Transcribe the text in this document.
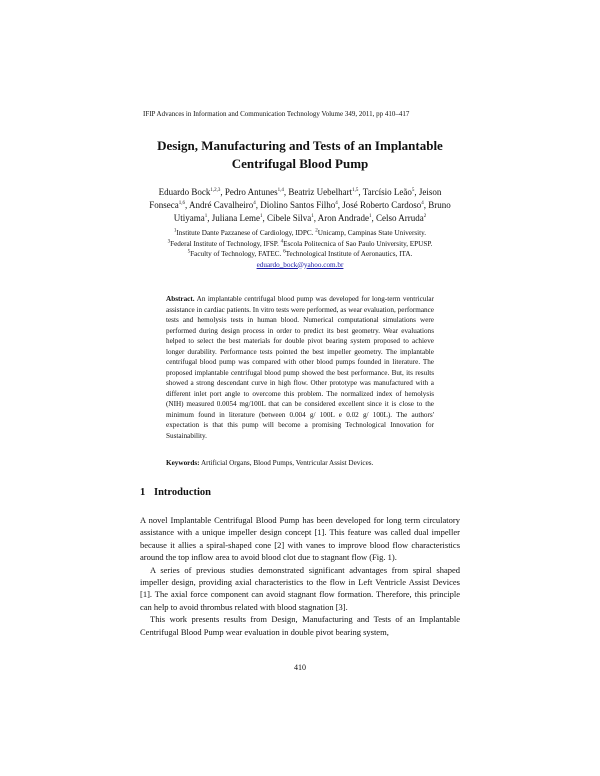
IFIP Advances in Information and Communication Technology Volume 349, 2011, pp 410–417
Design, Manufacturing and Tests of an Implantable
Centrifugal Blood Pump
Eduardo Bock$^{1,2,3}$, Pedro Antunes$^{1,4}$, Beatriz Uebelhart$^{1,5}$, Tarcísio Leão$^5$, Jeison Fonseca$^{1,6}$, André Cavalheiro$^4$, Diolino Santos Filho$^4$, José Roberto Cardoso$^4$, Bruno Utiyama$^1$, Juliana Leme$^1$, Cibele Silva$^1$, Aron Andrade$^1$, Celso Arruda$^2$
$^1$Institute Dante Pazzanese of Cardiology, IDPC. $^2$Unicamp, Campinas State University.
$^3$Federal Institute of Technology, IFSP. $^4$Escola Politecnica of Sao Paulo University, EPUSP.
$^5$Faculty of Technology, FATEC. $^6$Technological Institute of Aeronautics, ITA.
eduardo_bock@yahoo.com.br
Abstract. An implantable centrifugal blood pump was developed for long-term ventricular assistance in cardiac patients. In vitro tests were performed, as wear evaluation, performance tests and hemolysis tests in human blood. Numerical computational simulations were performed during design process in order to predict its best geometry. Wear evaluations helped to select the best materials for double pivot bearing system proposed to achieve longer durability. Performance tests pointed the best impeller geometry. The implantable centrifugal blood pump was compared with other blood pumps founded in literature. The proposed implantable centrifugal blood pump showed the best performance. But, its results showed a strong descendant curve in high flow. Other prototype was manufactured with a different inlet port angle to overcome this problem. The normalized index of hemolysis (NIH) measured 0.0054 mg/100L that can be considered excellent since it is close to the minimum found in literature (between 0.004 g/ 100L e 0.02 g/ 100L). The authors' expectation is that this pump will become a promising Technological Innovation for Sustainability.
Keywords: Artificial Organs, Blood Pumps, Ventricular Assist Devices.
1 Introduction

A novel Implantable Centrifugal Blood Pump has been developed for long term circulatory assistance with a unique impeller design concept [1]. This feature was called dual impeller because it allies a spiral-shaped cone [2] with vanes to improve blood flow characteristics around the top inflow area to avoid blood clot due to stagnant flow (Fig. 1).

A series of previous studies demonstrated significant advantages from spiral shaped impeller design, providing axial characteristics to the flow in Left Ventricle Assist Devices [1]. The axial force component can avoid stagnant flow formation. Therefore, this principle can help to avoid thrombus related with blood stagnation [3].

This work presents results from Design, Manufacturing and Tests of an Implantable Centrifugal Blood Pump wear evaluation in double pivot bearing system,

410
